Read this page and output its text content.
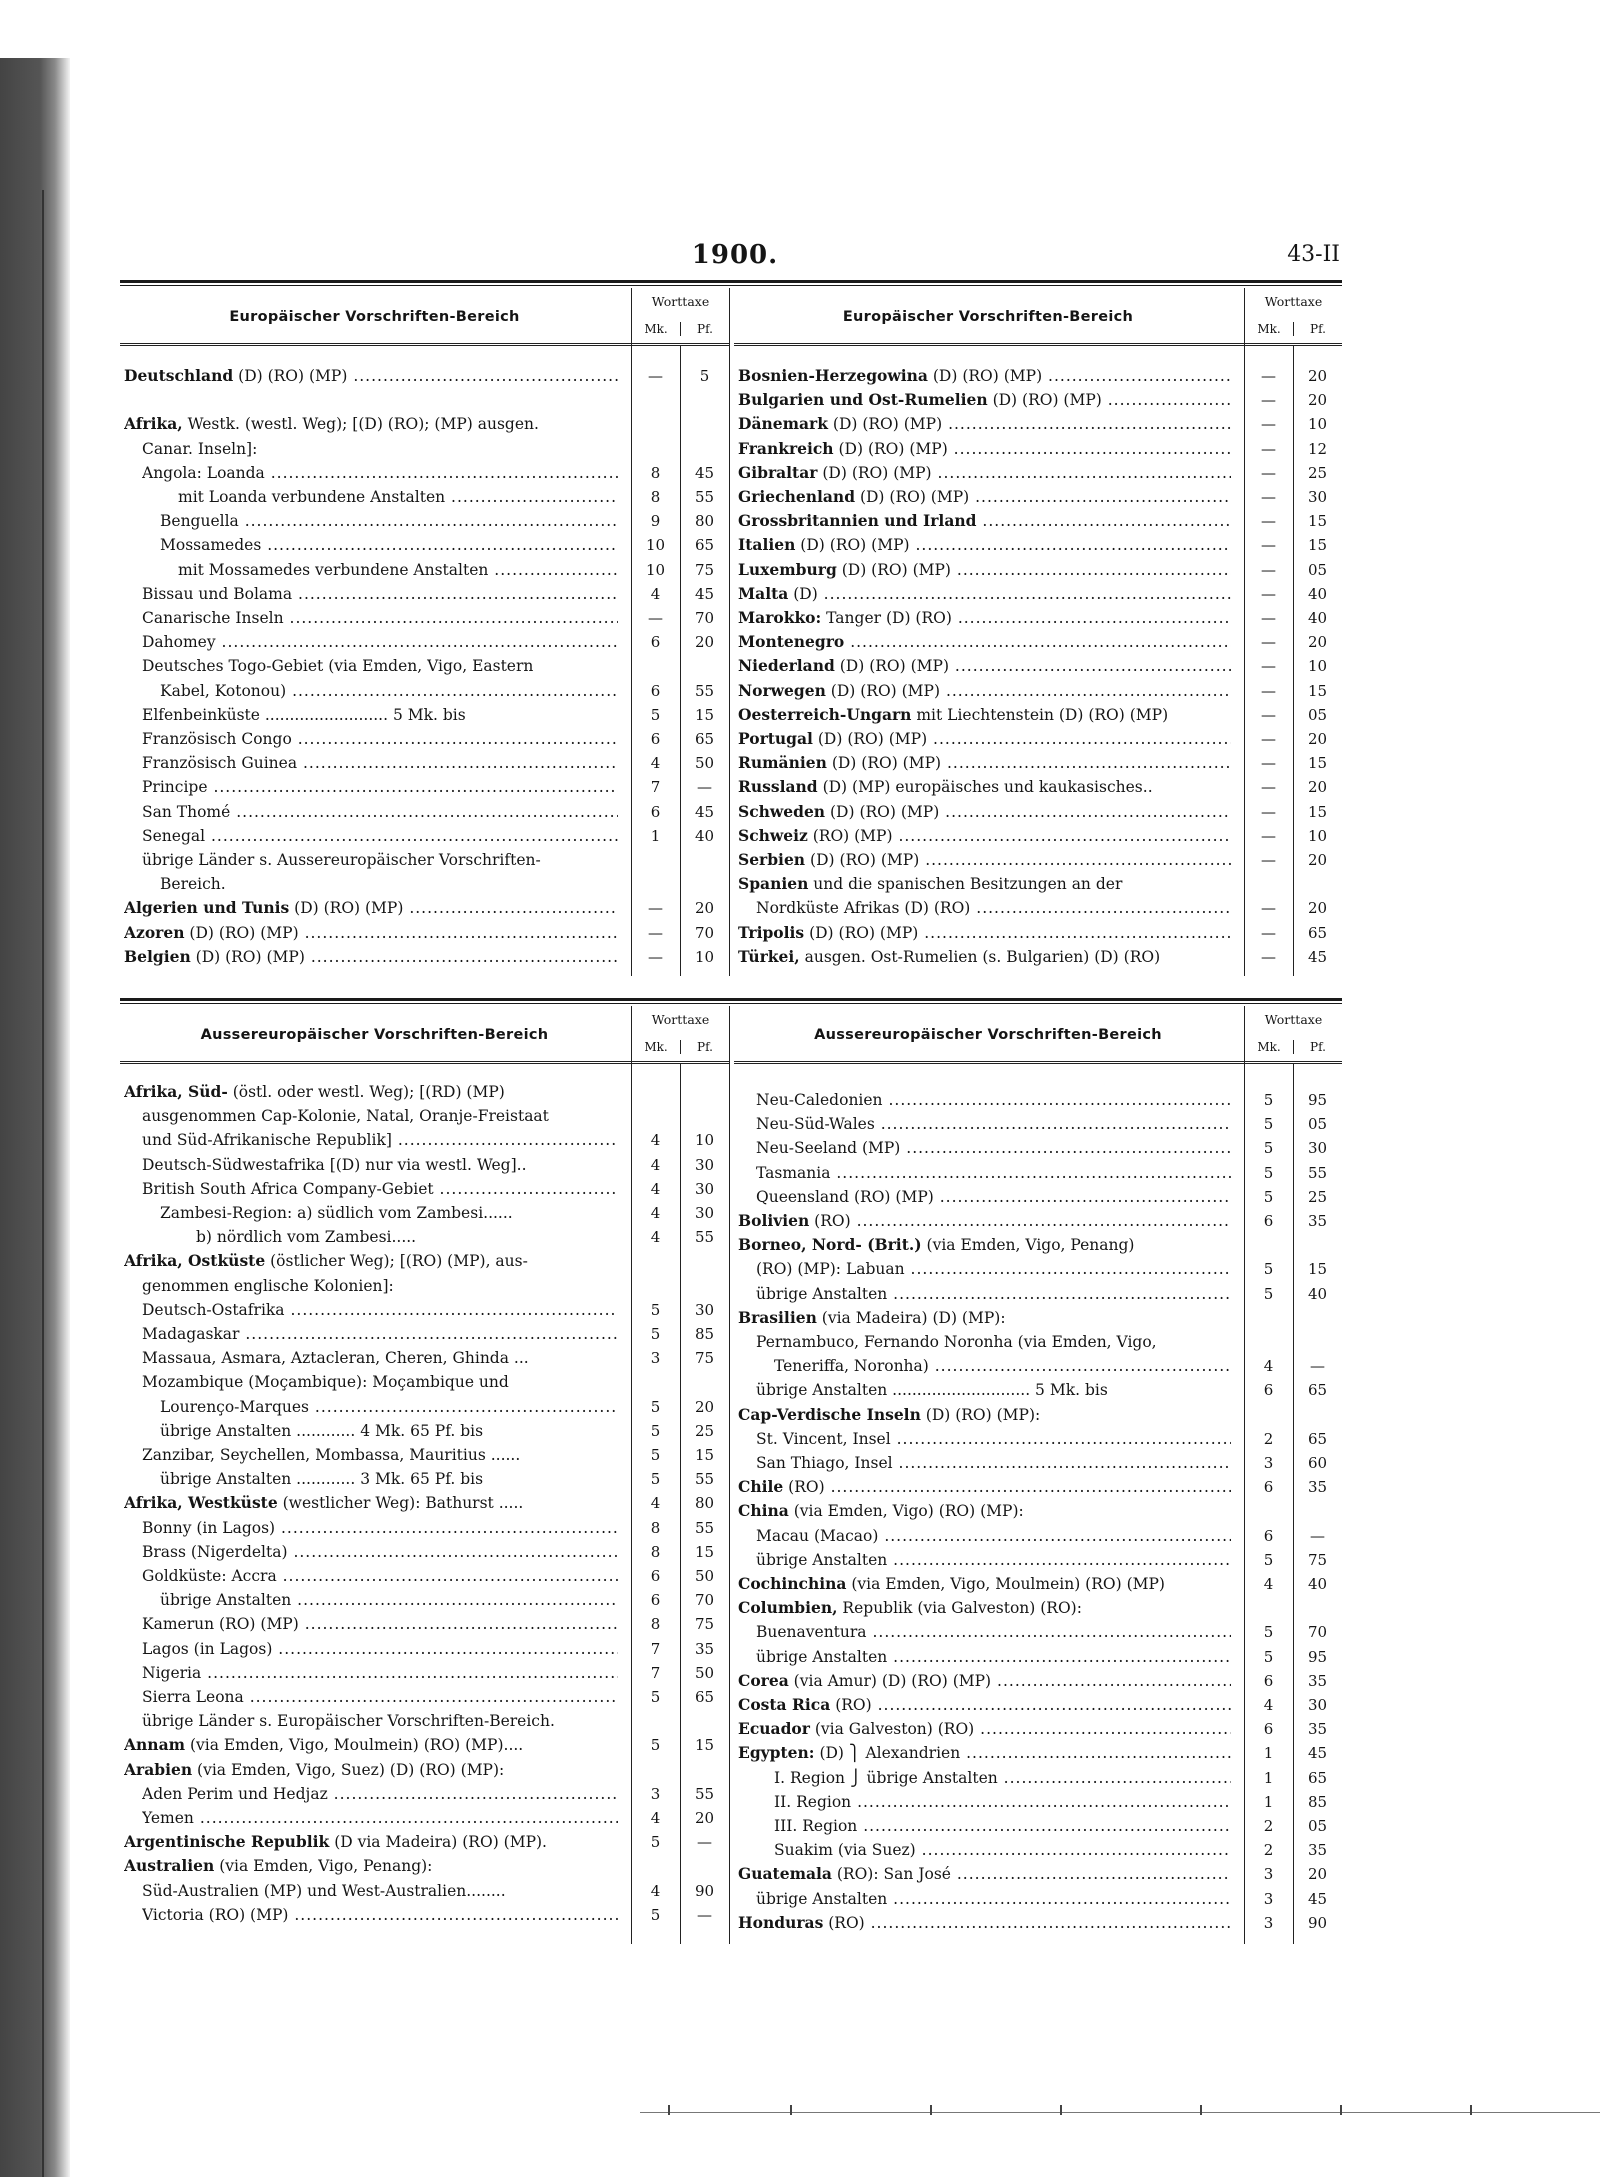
1900.	43-II
Europäischer Vorschriften-Bereich
Worttaxe
Mk.	Pf.
Deutschland (D) (RO) (MP) .....	—	5
Afrika, Westk. (westl. Weg); [(D) (RO); (MP) ausgen.
Canar. Inseln]:
Angola: Loanda .....	8	45
mit Loanda verbundene Anstalten .....	8	55
Benguella .....	9	80
Mossamedes .....	10	65
mit Mossamedes verbundene Anstalten .....	10	75
Bissau und Bolama .....	4	45
Canarische Inseln .....	—	70
Dahomey .....	6	20
Deutsches Togo-Gebiet (via Emden, Vigo, Eastern
Kabel, Kotonou) .....	6	55
Elfenbeinküste ......................... 5 Mk. bis	5	15
Französisch Congo .....	6	65
Französisch Guinea .....	4	50
Principe .....	7	—
San Thomé .....	6	45
Senegal .....	1	40
übrige Länder s. Aussereuropäischer Vorschriften-
Bereich.
Algerien und Tunis (D) (RO) (MP) .....	—	20
Azoren (D) (RO) (MP) .....	—	70
Belgien (D) (RO) (MP) .....	—	10
Europäischer Vorschriften-Bereich
Worttaxe
Mk.	Pf.
Bosnien-Herzegowina (D) (RO) (MP) .....	—	20
Bulgarien und Ost-Rumelien (D) (RO) (MP) .....	—	20
Dänemark (D) (RO) (MP) .....	—	10
Frankreich (D) (RO) (MP) .....	—	12
Gibraltar (D) (RO) (MP) .....	—	25
Griechenland (D) (RO) (MP) .....	—	30
Grossbritannien und Irland .....	—	15
Italien (D) (RO) (MP) .....	—	15
Luxemburg (D) (RO) (MP) .....	—	05
Malta (D) .....	—	40
Marokko: Tanger (D) (RO) .....	—	40
Montenegro .....	—	20
Niederland (D) (RO) (MP) .....	—	10
Norwegen (D) (RO) (MP) .....	—	15
Oesterreich-Ungarn mit Liechtenstein (D) (RO) (MP)	—	05
Portugal (D) (RO) (MP) .....	—	20
Rumänien (D) (RO) (MP) .....	—	15
Russland (D) (MP) europäisches und kaukasisches..	—	20
Schweden (D) (RO) (MP) .....	—	15
Schweiz (RO) (MP) .....	—	10
Serbien (D) (RO) (MP) .....	—	20
Spanien und die spanischen Besitzungen an der
Nordküste Afrikas (D) (RO) .....	—	20
Tripolis (D) (RO) (MP) .....	—	65
Türkei, ausgen. Ost-Rumelien (s. Bulgarien) (D) (RO)	—	45
Aussereuropäischer Vorschriften-Bereich
Worttaxe
Mk.	Pf.
Afrika, Süd- (östl. oder westl. Weg); [(RD) (MP)
ausgenommen Cap-Kolonie, Natal, Oranje-Freistaat
und Süd-Afrikanische Republik] .....	4	10
Deutsch-Südwestafrika [(D) nur via westl. Weg]..	4	30
British South Africa Company-Gebiet .....	4	30
Zambesi-Region: a) südlich vom Zambesi......	4	30
b) nördlich vom Zambesi.....	4	55
Afrika, Ostküste (östlicher Weg); [(RO) (MP), aus-
genommen englische Kolonien]:
Deutsch-Ostafrika .....	5	30
Madagaskar .....	5	85
Massaua, Asmara, Aztacleran, Cheren, Ghinda ...	3	75
Mozambique (Moçambique): Moçambique und
Lourenço-Marques .....	5	20
übrige Anstalten ............ 4 Mk. 65 Pf. bis	5	25
Zanzibar, Seychellen, Mombassa, Mauritius ......	5	15
übrige Anstalten ............ 3 Mk. 65 Pf. bis	5	55
Afrika, Westküste (westlicher Weg): Bathurst .....	4	80
Bonny (in Lagos) .....	8	55
Brass (Nigerdelta) .....	8	15
Goldküste: Accra .....	6	50
übrige Anstalten .....	6	70
Kamerun (RO) (MP) .....	8	75
Lagos (in Lagos) .....	7	35
Nigeria .....	7	50
Sierra Leona .....	5	65
übrige Länder s. Europäischer Vorschriften-Bereich.
Annam (via Emden, Vigo, Moulmein) (RO) (MP)....	5	15
Arabien (via Emden, Vigo, Suez) (D) (RO) (MP):
Aden Perim und Hedjaz .....	3	55
Yemen .....	4	20
Argentinische Republik (D via Madeira) (RO) (MP).	5	—
Australien (via Emden, Vigo, Penang):
Süd-Australien (MP) und West-Australien........	4	90
Victoria (RO) (MP) .....	5	—
Aussereuropäischer Vorschriften-Bereich
Worttaxe
Mk.	Pf.
Neu-Caledonien .....	5	95
Neu-Süd-Wales .....	5	05
Neu-Seeland (MP) .....	5	30
Tasmania .....	5	55
Queensland (RO) (MP) .....	5	25
Bolivien (RO) .....	6	35
Borneo, Nord- (Brit.) (via Emden, Vigo, Penang)
(RO) (MP): Labuan .....	5	15
übrige Anstalten .....	5	40
Brasilien (via Madeira) (D) (MP):
Pernambuco, Fernando Noronha (via Emden, Vigo,
Teneriffa, Noronha) .....	4	—
übrige Anstalten ............................ 5 Mk. bis	6	65
Cap-Verdische Inseln (D) (RO) (MP):
St. Vincent, Insel .....	2	65
San Thiago, Insel .....	3	60
Chile (RO) .....	6	35
China (via Emden, Vigo) (RO) (MP):
Macau (Macao) .....	6	—
übrige Anstalten .....	5	75
Cochinchina (via Emden, Vigo, Moulmein) (RO) (MP)	4	40
Columbien, Republik (via Galveston) (RO):
Buenaventura .....	5	70
übrige Anstalten .....	5	95
Corea (via Amur) (D) (RO) (MP) .....	6	35
Costa Rica (RO) .....	4	30
Ecuador (via Galveston) (RO) .....	6	35
Egypten: (D) ⎫ Alexandrien .....	1	45
I. Region ⎭ übrige Anstalten .....	1	65
II. Region .....	1	85
III. Region .....	2	05
Suakim (via Suez) .....	2	35
Guatemala (RO): San José .....	3	20
übrige Anstalten .....	3	45
Honduras (RO) .....	3	90
